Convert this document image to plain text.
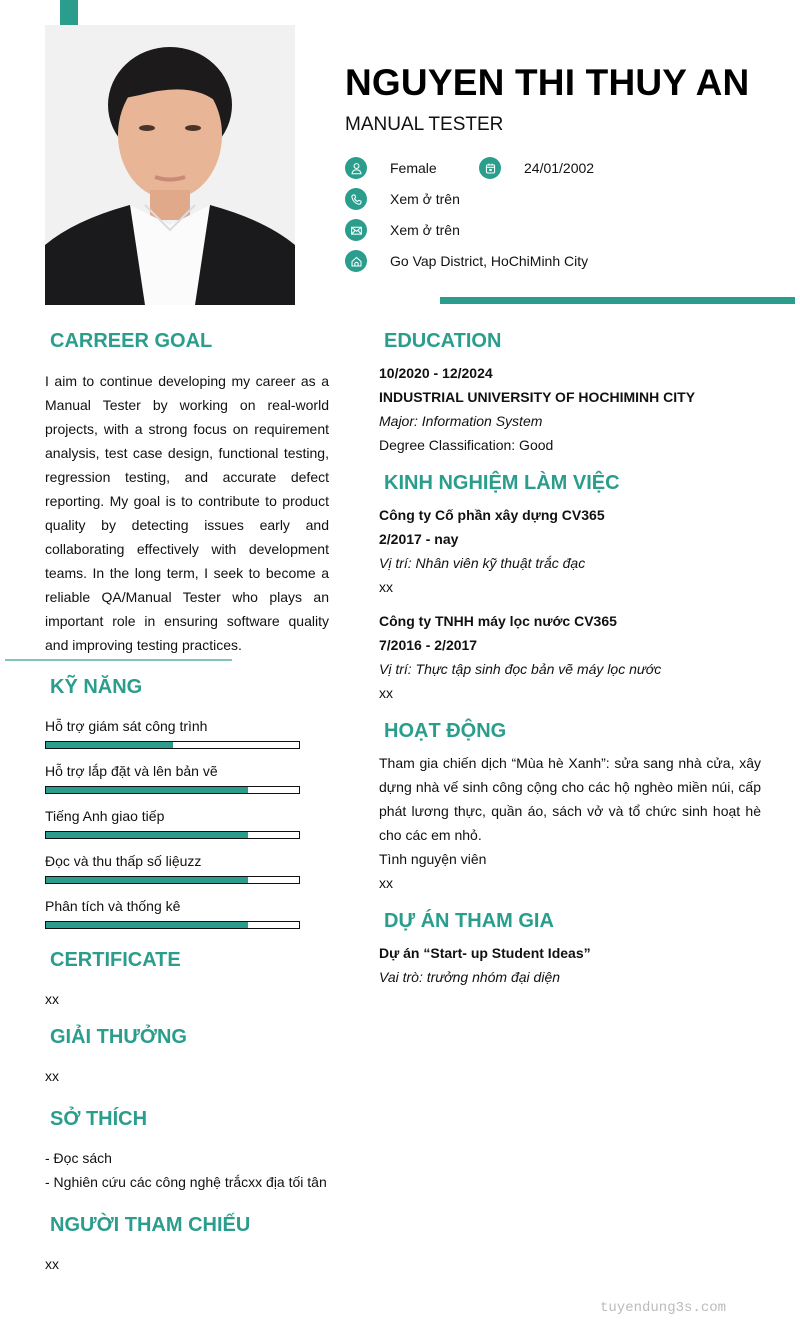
NGUYEN THI THUY AN
MANUAL TESTER
Female	24/01/2002
Xem ở trên
Xem ở trên
Go Vap District, HoChiMinh City
CARREER GOAL
I aim to continue developing my career as a Manual Tester by working on real-world projects, with a strong focus on requirement analysis, test case design, functional testing, regression testing, and accurate defect reporting. My goal is to contribute to product quality by detecting issues early and collaborating effectively with development teams. In the long term, I seek to become a reliable QA/Manual Tester who plays an important role in ensuring software quality and improving testing practices.
KỸ NĂNG
Hỗ trợ giám sát công trình
Hỗ trợ lắp đặt và lên bản vẽ
Tiếng Anh giao tiếp
Đọc và thu thấp số liệuzz
Phân tích và thống kê
CERTIFICATE
xx
GIẢI THƯỞNG
xx
SỞ THÍCH
- Đọc sách
- Nghiên cứu các công nghệ trắcxx địa tối tân
NGƯỜI THAM CHIẾU
xx
EDUCATION
10/2020 - 12/2024
INDUSTRIAL UNIVERSITY OF HOCHIMINH CITY
Major: Information System
Degree Classification: Good
KINH NGHIỆM LÀM VIỆC
Công ty Cố phần xây dựng CV365
2/2017 - nay
Vị trí: Nhân viên kỹ thuật trắc đạc
xx
Công ty TNHH máy lọc nước CV365
7/2016 - 2/2017
Vị trí: Thực tập sinh đọc bản vẽ máy lọc nước
xx
HOẠT ĐỘNG
Tham gia chiến dịch “Mùa hè Xanh”: sửa sang nhà cửa, xây dựng nhà vế sinh công cộng cho các hộ nghèo miền núi, cấp phát lương thực, quần áo, sách vở và tổ chức sinh hoạt hè cho các em nhỏ.
Tình nguyện viên
xx
DỰ ÁN THAM GIA
Dự án “Start- up Student Ideas”
Vai trò: trưởng nhóm đại diện
tuyendung3s.com
